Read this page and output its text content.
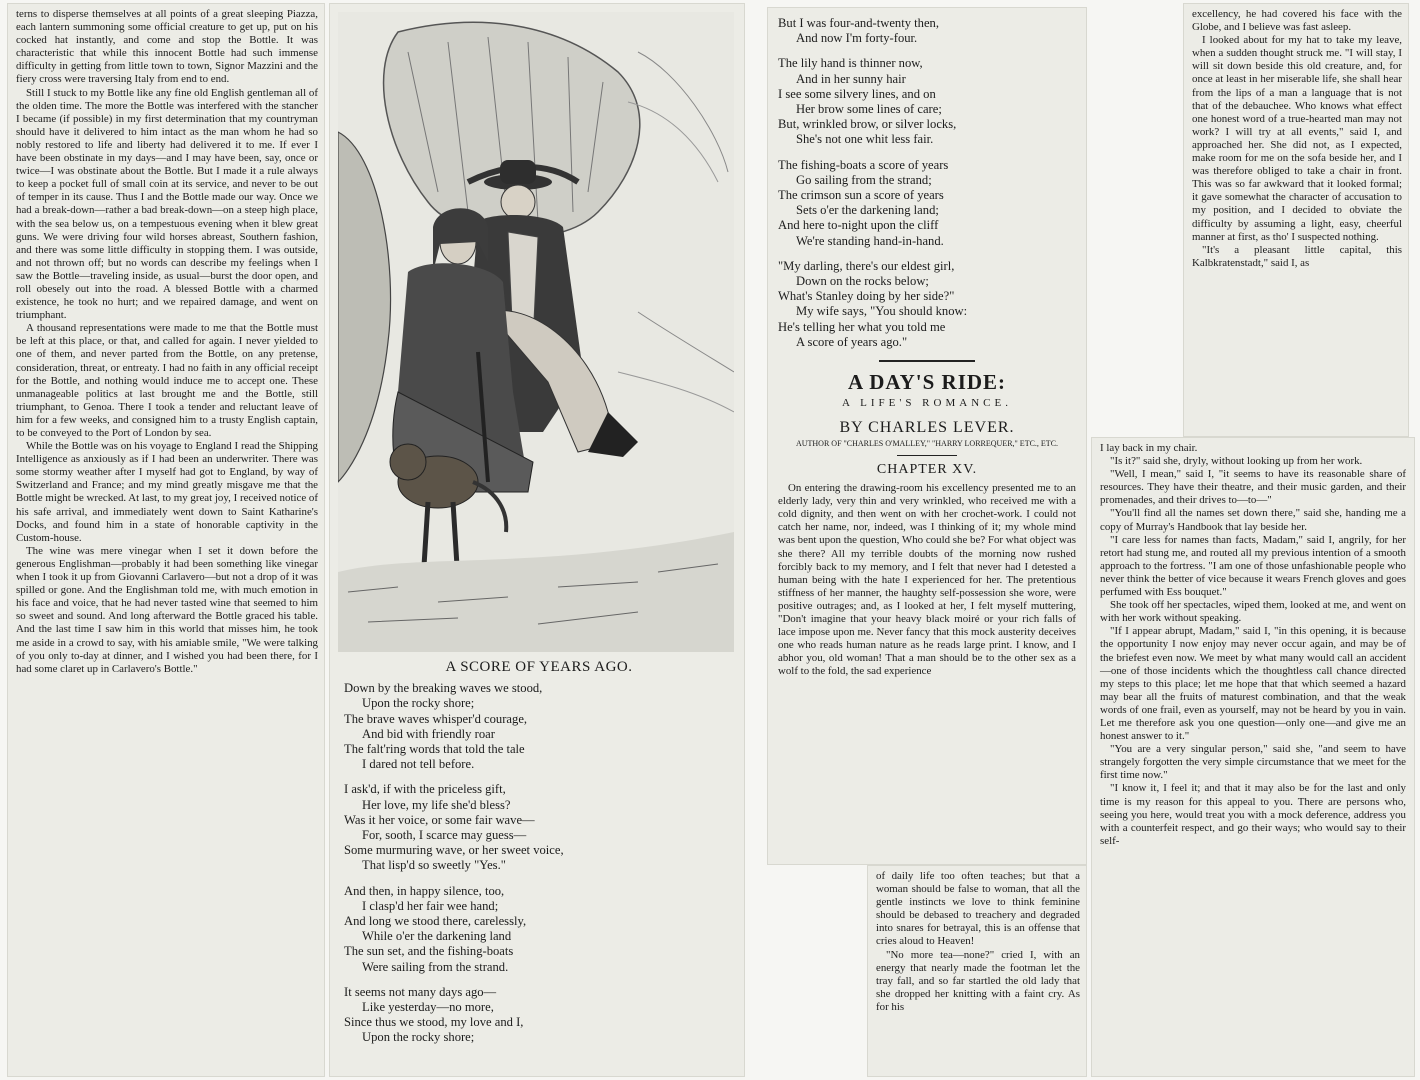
terns to disperse themselves at all points of a great sleeping Piazza, each lantern summoning some official creature to get up, put on his cocked hat instantly, and come and stop the Bottle. It was characteristic that while this innocent Bottle had such immense difficulty in getting from little town to town, Signor Mazzini and the fiery cross were traversing Italy from end to end.

Still I stuck to my Bottle like any fine old English gentleman all of the olden time. The more the Bottle was interfered with the stancher I became (if possible) in my first determination that my countryman should have it delivered to him intact as the man whom he had so nobly restored to life and liberty had delivered it to me. If ever I have been obstinate in my days—and I may have been, say, once or twice—I was obstinate about the Bottle. But I made it a rule always to keep a pocket full of small coin at its service, and never to be out of temper in its cause. Thus I and the Bottle made our way. Once we had a break-down—rather a bad break-down—on a steep high place, with the sea below us, on a tempestuous evening when it blew great guns. We were driving four wild horses abreast, Southern fashion, and there was some little difficulty in stopping them. I was outside, and not thrown off; but no words can describe my feelings when I saw the Bottle—traveling inside, as usual—burst the door open, and roll obesely out into the road. A blessed Bottle with a charmed existence, he took no hurt; and we repaired damage, and went on triumphant.

A thousand representations were made to me that the Bottle must be left at this place, or that, and called for again. I never yielded to one of them, and never parted from the Bottle, on any pretense, consideration, threat, or entreaty. I had no faith in any official receipt for the Bottle, and nothing would induce me to accept one. These unmanageable politics at last brought me and the Bottle, still triumphant, to Genoa. There I took a tender and reluctant leave of him for a few weeks, and consigned him to a trusty English captain, to be conveyed to the Port of London by sea.

While the Bottle was on his voyage to England I read the Shipping Intelligence as anxiously as if I had been an underwriter. There was some stormy weather after I myself had got to England, by way of Switzerland and France; and my mind greatly misgave me that the Bottle might be wrecked. At last, to my great joy, I received notice of his safe arrival, and immediately went down to Saint Katharine's Docks, and found him in a state of honorable captivity in the Custom-house.

The wine was mere vinegar when I set it down before the generous Englishman—probably it had been something like vinegar when I took it up from Giovanni Carlavero—but not a drop of it was spilled or gone. And the Englishman told me, with much emotion in his face and voice, that he had never tasted wine that seemed to him so sweet and sound. And long afterward the Bottle graced his table. And the last time I saw him in this world that misses him, he took me aside in a crowd to say, with his amiable smile, "We were talking of you only to-day at dinner, and I wished you had been there, for I had some claret up in Carlavero's Bottle."	A SCORE OF YEARS AGO.
Down by the breaking waves we stood,
Upon the rocky shore;
The brave waves whisper'd courage,
And bid with friendly roar
The falt'ring words that told the tale
I dared not tell before.
I ask'd, if with the priceless gift,
Her love, my life she'd bless?
Was it her voice, or some fair wave—
For, sooth, I scarce may guess—
Some murmuring wave, or her sweet voice,
That lisp'd so sweetly "Yes."
And then, in happy silence, too,
I clasp'd her fair wee hand;
And long we stood there, carelessly,
While o'er the darkening land
The sun set, and the fishing-boats
Were sailing from the strand.
It seems not many days ago—
Like yesterday—no more,
Since thus we stood, my love and I,
Upon the rocky shore;
But I was four-and-twenty then,
And now I'm forty-four.
The lily hand is thinner now,
And in her sunny hair
I see some silvery lines, and on
Her brow some lines of care;
But, wrinkled brow, or silver locks,
She's not one whit less fair.
The fishing-boats a score of years
Go sailing from the strand;
The crimson sun a score of years
Sets o'er the darkening land;
And here to-night upon the cliff
We're standing hand-in-hand.
"My darling, there's our eldest girl,
Down on the rocks below;
What's Stanley doing by her side?"
My wife says, "You should know:
He's telling her what you told me
A score of years ago."
A DAY'S RIDE:
A LIFE'S ROMANCE.
BY CHARLES LEVER.
AUTHOR OF "CHARLES O'MALLEY," "HARRY LORREQUER," ETC., ETC.
CHAPTER XV.

On entering the drawing-room his excellency presented me to an elderly lady, very thin and very wrinkled, who received me with a cold dignity, and then went on with her crochet-work. I could not catch her name, nor, indeed, was I thinking of it; my whole mind was bent upon the question, Who could she be? For what object was she there? All my terrible doubts of the morning now rushed forcibly back to my memory, and I felt that never had I detested a human being with the hate I experienced for her. The pretentious stiffness of her manner, the haughty self-possession she wore, were positive outrages; and, as I looked at her, I felt myself muttering, "Don't imagine that your heavy black moiré or your rich falls of lace impose upon me. Never fancy that this mock austerity deceives one who reads human nature as he reads large print. I know, and I abhor you, old woman! That a man should be to the other sex as a wolf to the fold, the sad experience

of daily life too often teaches; but that a woman should be false to woman, that all the gentle instincts we love to think feminine should be debased to treachery and degraded into snares for betrayal, this is an offense that cries aloud to Heaven!

"No more tea—none?" cried I, with an energy that nearly made the footman let the tray fall, and so far startled the old lady that she dropped her knitting with a faint cry. As for his

excellency, he had covered his face with the Globe, and I believe was fast asleep.

I looked about for my hat to take my leave, when a sudden thought struck me. "I will stay, I will sit down beside this old creature, and, for once at least in her miserable life, she shall hear from the lips of a man a language that is not that of the debauchee. Who knows what effect one honest word of a true-hearted man may not work? I will try at all events," said I, and approached her. She did not, as I expected, make room for me on the sofa beside her, and I was therefore obliged to take a chair in front. This was so far awkward that it looked formal; it gave somewhat the character of accusation to my position, and I decided to obviate the difficulty by assuming a light, easy, cheerful manner at first, as tho' I suspected nothing.

"It's a pleasant little capital, this Kalbkratenstadt," said I, as

I lay back in my chair.

"Is it?" said she, dryly, without looking up from her work.

"Well, I mean," said I, "it seems to have its reasonable share of resources. They have their theatre, and their music garden, and their promenades, and their drives to—to—"

"You'll find all the names set down there," said she, handing me a copy of Murray's Handbook that lay beside her.

"I care less for names than facts, Madam," said I, angrily, for her retort had stung me, and routed all my previous intention of a smooth approach to the fortress. "I am one of those unfashionable people who never think the better of vice because it wears French gloves and goes perfumed with Ess bouquet."

She took off her spectacles, wiped them, looked at me, and went on with her work without speaking.

"If I appear abrupt, Madam," said I, "in this opening, it is because the opportunity I now enjoy may never occur again, and may be of the briefest even now. We meet by what many would call an accident—one of those incidents which the thoughtless call chance directed my steps to this place; let me hope that that which seemed a hazard may bear all the fruits of maturest combination, and that the weak words of one frail, even as yourself, may not be heard by you in vain. Let me therefore ask you one question—only one—and give me an honest answer to it."

"You are a very singular person," said she, "and seem to have strangely forgotten the very simple circumstance that we meet for the first time now."

"I know it, I feel it; and that it may also be for the last and only time is my reason for this appeal to you. There are persons who, seeing you here, would treat you with a mock deference, address you with a counterfeit respect, and go their ways; who would say to their self-
